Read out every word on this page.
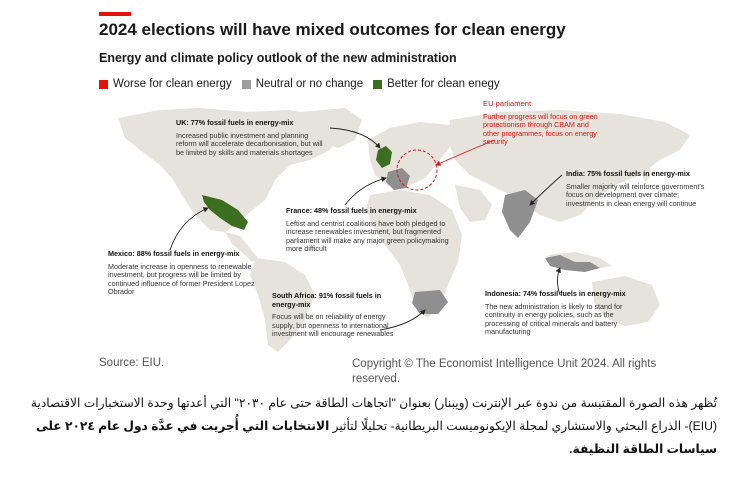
2024 elections will have mixed outcomes for clean energy
Energy and climate policy outlook of the new administration
Worse for clean energy Neutral or no change Better for clean enegy
UK: 77% fossil fuels in energy-mix
Increased public investment and planning reform will accelerate decarbonisation, but will be limited by skills and materials shortages
EU parliament
Further progress will focus on green protectionism through CBAM and other programmes, focus on energy security
India: 75% fossil fuels in energy-mix
Smaller majority will reinforce government's focus on development over climate; investments in clean energy will continue
France: 48% fossil fuels in energy-mix
Leftist and centrist coalitions have both pledged to increase renewables investment, but fragmented parliament will make any major green policymaking more difficult
Mexico: 88% fossil fuels in energy-mix
Moderate increase in openness to renewable investment, but progress will be limited by continued influence of former President Lopez Obrador	South Africa: 91% fossil fuels in energy-mix
Focus will be on reliability of energy supply, but openness to international investment will encourage renewables
Indonesia: 74% fossil fuels in energy-mix
The new administration is likely to stand for continuity in energy policies, such as the processing of critical minerals and battery manufacturing
Source: EIU.	Copyright © The Economist Intelligence Unit 2024. All rights reserved.
تُظهر هذه الصورة المقتبسة من ندوة عبر الإنترنت (ويبنار) بعنوان "اتجاهات الطاقة حتى عام ٢٠٣٠" التي أعدتها وحدة الاستخبارات الاقتصادية (EIU)- الذراع البحثي والاستشاري لمجلة الإيكونوميست البريطانية- تحليلًا لتأثير الانتخابات التي أُجريت في عدَّة دول عام ٢٠٢٤ على سياسات الطاقة النظيفة.
